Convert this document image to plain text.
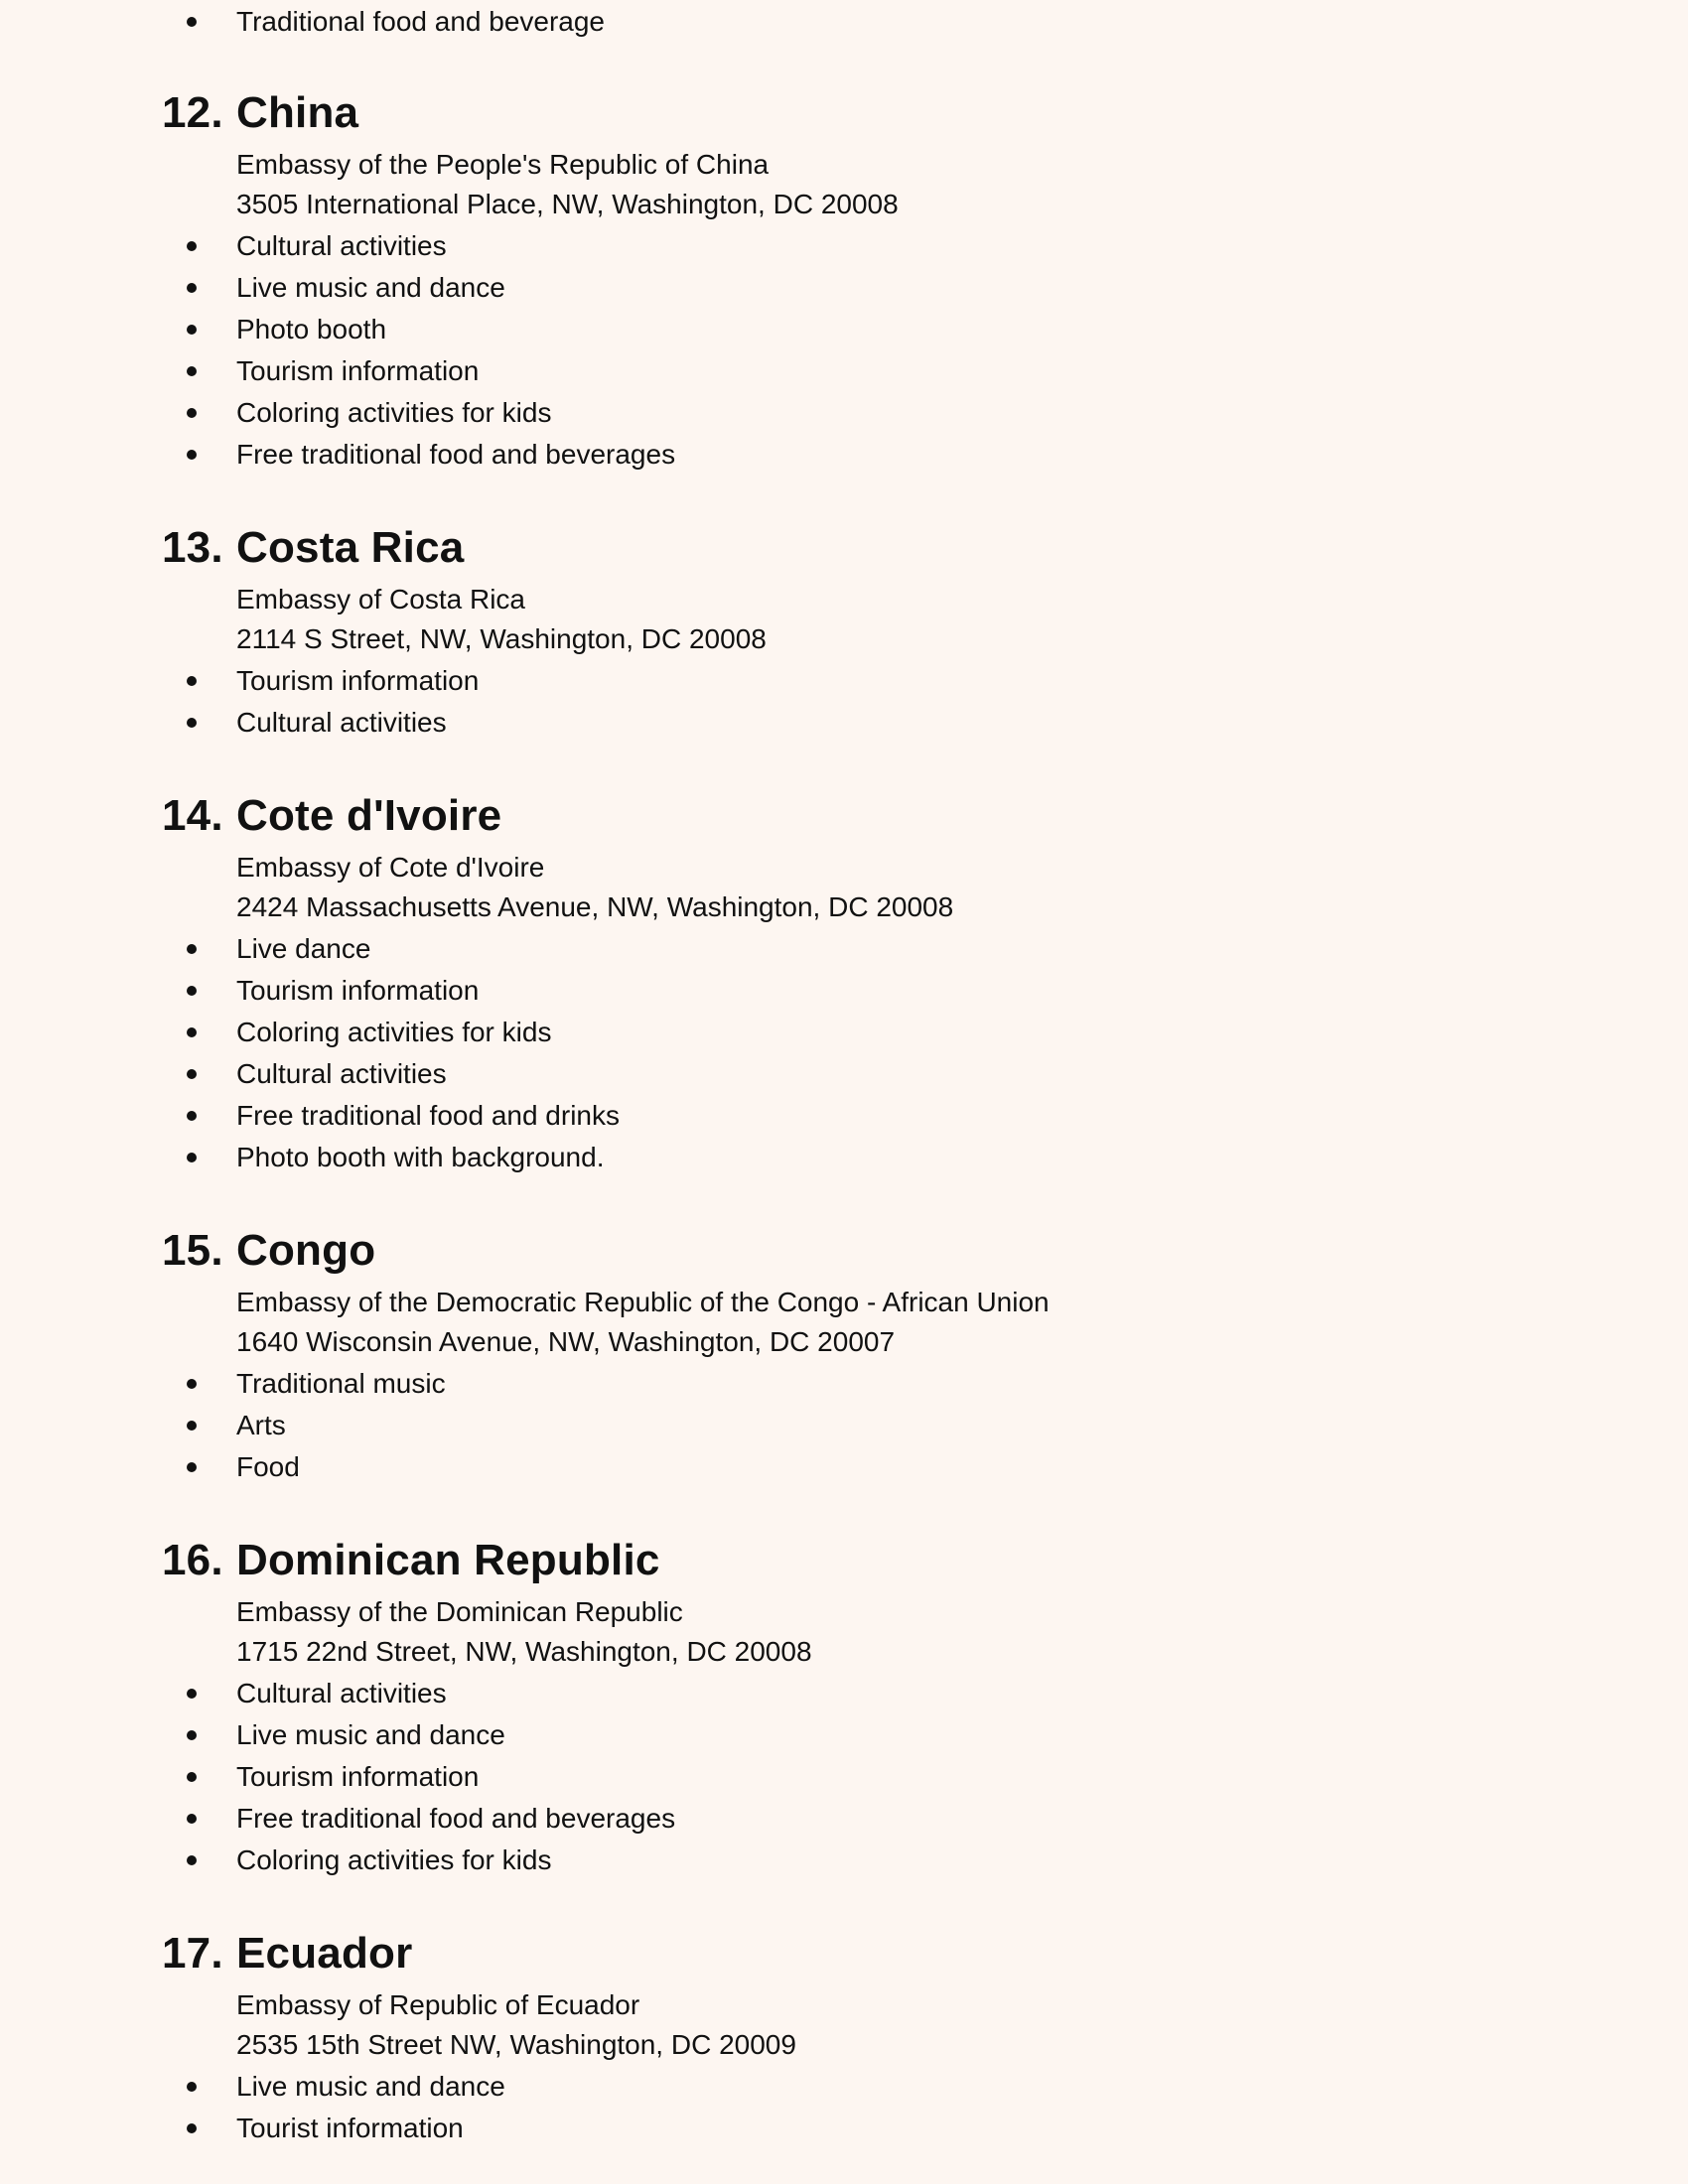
Traditional food and beverage
12. China
Embassy of the People's Republic of China
3505 International Place, NW, Washington, DC 20008
Cultural activities
Live music and dance
Photo booth
Tourism information
Coloring activities for kids
Free traditional food and beverages
13. Costa Rica
Embassy of Costa Rica
2114 S Street, NW, Washington, DC 20008
Tourism information
Cultural activities
14. Cote d'Ivoire
Embassy of Cote d'Ivoire
2424 Massachusetts Avenue, NW, Washington, DC 20008
Live dance
Tourism information
Coloring activities for kids
Cultural activities
Free traditional food and drinks
Photo booth with background.
15. Congo
Embassy of the Democratic Republic of the Congo - African Union
1640 Wisconsin Avenue, NW, Washington, DC 20007
Traditional music
Arts
Food
16. Dominican Republic
Embassy of the Dominican Republic
1715 22nd Street, NW, Washington, DC 20008
Cultural activities
Live music and dance
Tourism information
Free traditional food and beverages
Coloring activities for kids
17. Ecuador
Embassy of Republic of Ecuador
2535 15th Street NW, Washington, DC 20009
Live music and dance
Tourist information
